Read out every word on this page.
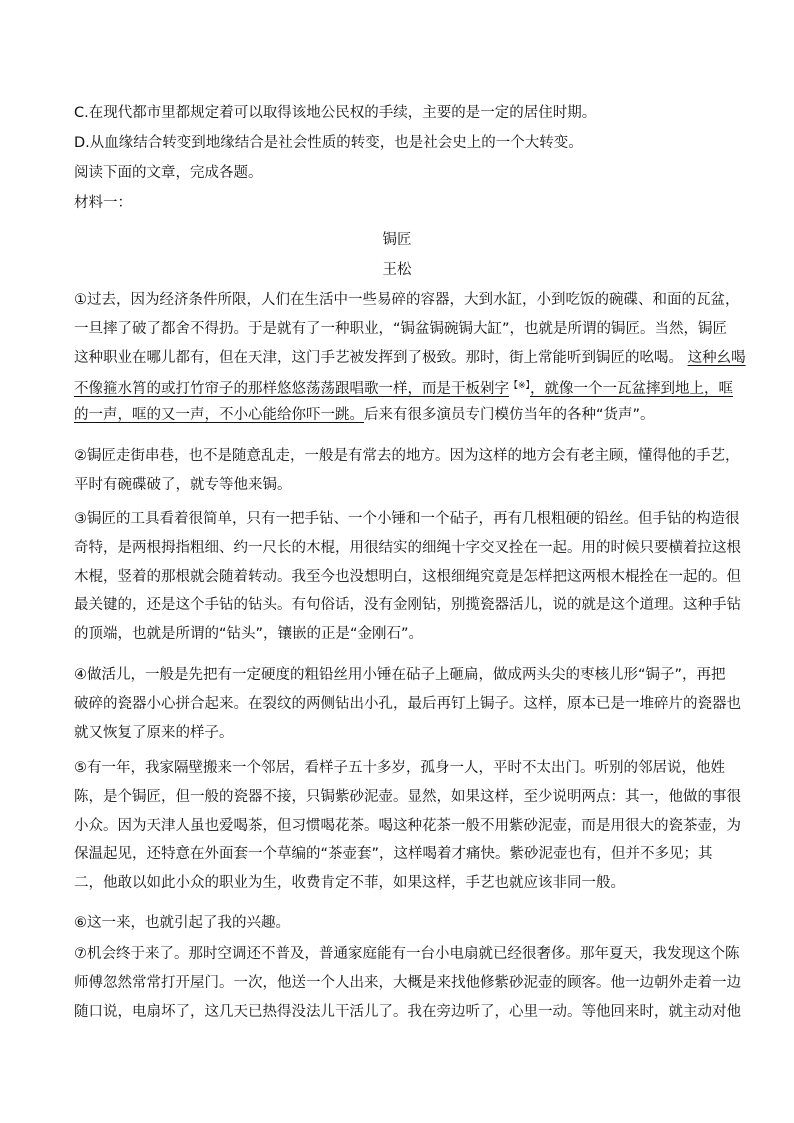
C.在现代都市里都规定着可以取得该地公民权的手续，主要的是一定的居住时期。
D.从血缘结合转变到地缘结合是社会性质的转变，也是社会史上的一个大转变。
阅读下面的文章，完成各题。
材料一：
锔匠
王松
①过去，因为经济条件所限，人们在生活中一些易碎的容器，大到水缸，小到吃饭的碗碟、和面的瓦盆，
一旦摔了破了都舍不得扔。于是就有了一种职业，“锔盆锔碗锔大缸”，也就是所谓的锔匠。当然，锔匠
这种职业在哪儿都有，但在天津，这门手艺被发挥到了极致。那时，街上常能听到锔匠的吆喝。 这种幺喝
不像箍水筲的或打竹帘子的那样悠悠荡荡跟唱歌一样，而是干板剁字【※】，就像一个一瓦盆摔到地上，哐
的一声，哐的又一声，不小心能给你吓一跳。后来有很多演员专门模仿当年的各种“货声”。
②锔匠走街串巷，也不是随意乱走，一般是有常去的地方。因为这样的地方会有老主顾，懂得他的手艺，
平时有碗碟破了，就专等他来锔。
③锔匠的工具看着很简单，只有一把手钻、一个小锤和一个砧子，再有几根粗硬的铅丝。但手钻的构造很
奇特，是两根拇指粗细、约一尺长的木棍，用很结实的细绳十字交叉拴在一起。用的时候只要横着拉这根
木棍，竖着的那根就会随着转动。我至今也没想明白，这根细绳究竟是怎样把这两根木棍拴在一起的。但
最关键的，还是这个手钻的钻头。有句俗话，没有金刚钻，别揽瓷器活儿，说的就是这个道理。这种手钻
的顶端，也就是所谓的“钻头”，镶嵌的正是“金刚石”。
④做活儿，一般是先把有一定硬度的粗铅丝用小锤在砧子上砸扁，做成两头尖的枣核儿形“锔子”，再把
破碎的瓷器小心拼合起来。在裂纹的两侧钻出小孔，最后再钉上锔子。这样，原本已是一堆碎片的瓷器也
就又恢复了原来的样子。
⑤有一年，我家隔壁搬来一个邻居，看样子五十多岁，孤身一人，平时不太出门。听别的邻居说，他姓
陈，是个锔匠，但一般的瓷器不接，只锔紫砂泥壶。显然，如果这样，至少说明两点：其一，他做的事很
小众。因为天津人虽也爱喝茶，但习惯喝花茶。喝这种花茶一般不用紫砂泥壶，而是用很大的瓷茶壶，为
保温起见，还特意在外面套一个草编的“茶壶套”，这样喝着才痛快。紫砂泥壶也有，但并不多见；其
二，他敢以如此小众的职业为生，收费肯定不菲，如果这样，手艺也就应该非同一般。
⑥这一来，也就引起了我的兴趣。
⑦机会终于来了。那时空调还不普及，普通家庭能有一台小电扇就已经很奢侈。那年夏天，我发现这个陈
师傅忽然常常打开屋门。一次，他送一个人出来，大概是来找他修紫砂泥壶的顾客。他一边朝外走着一边
随口说，电扇坏了，这几天已热得没法儿干活儿了。我在旁边听了，心里一动。等他回来时，就主动对他
